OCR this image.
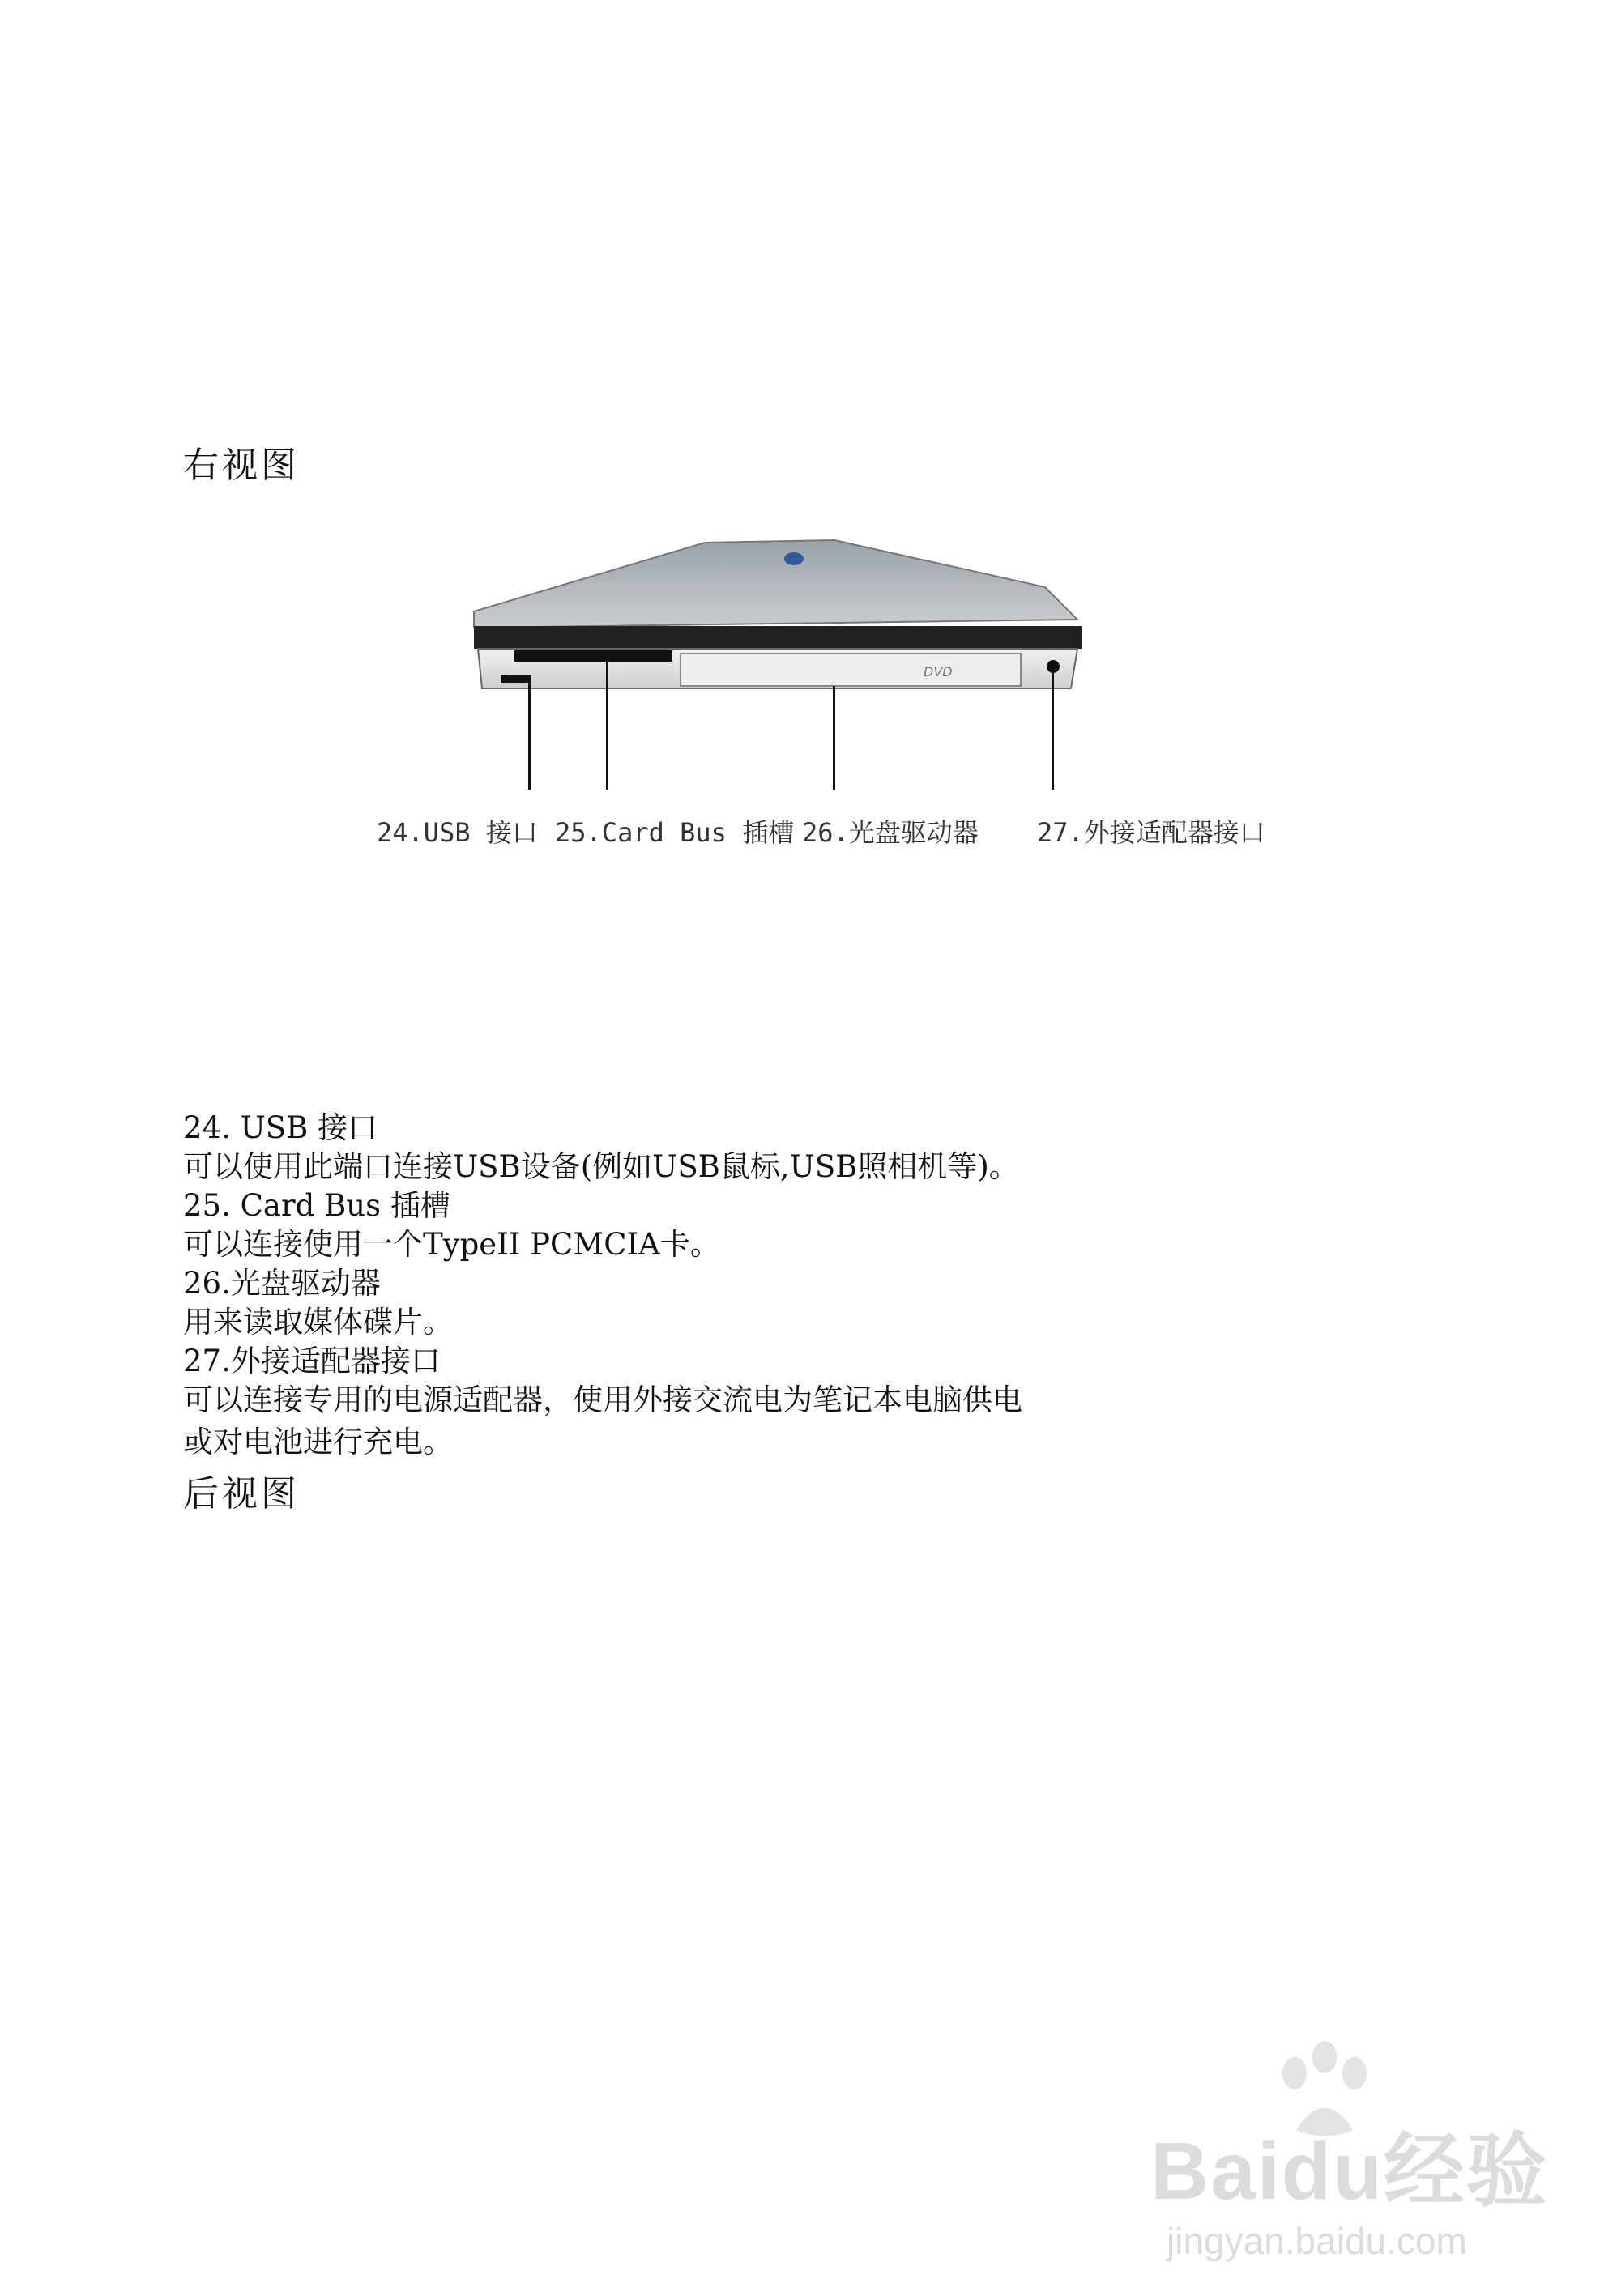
右视图
DVD
24.USB 接口 25.Card Bus 插槽 26.光盘驱动器 27.外接适配器接口
24. USB 接口
可以使用此端口连接USB设备(例如USB鼠标,USB照相机等)。
25. Card Bus 插槽
可以连接使用一个TypeII PCMCIA卡。
26.光盘驱动器
用来读取媒体碟片。
27.外接适配器接口
可以连接专用的电源适配器，使用外接交流电为笔记本电脑供电
或对电池进行充电。
后视图
Baidu经验
jingyan.baidu.com
